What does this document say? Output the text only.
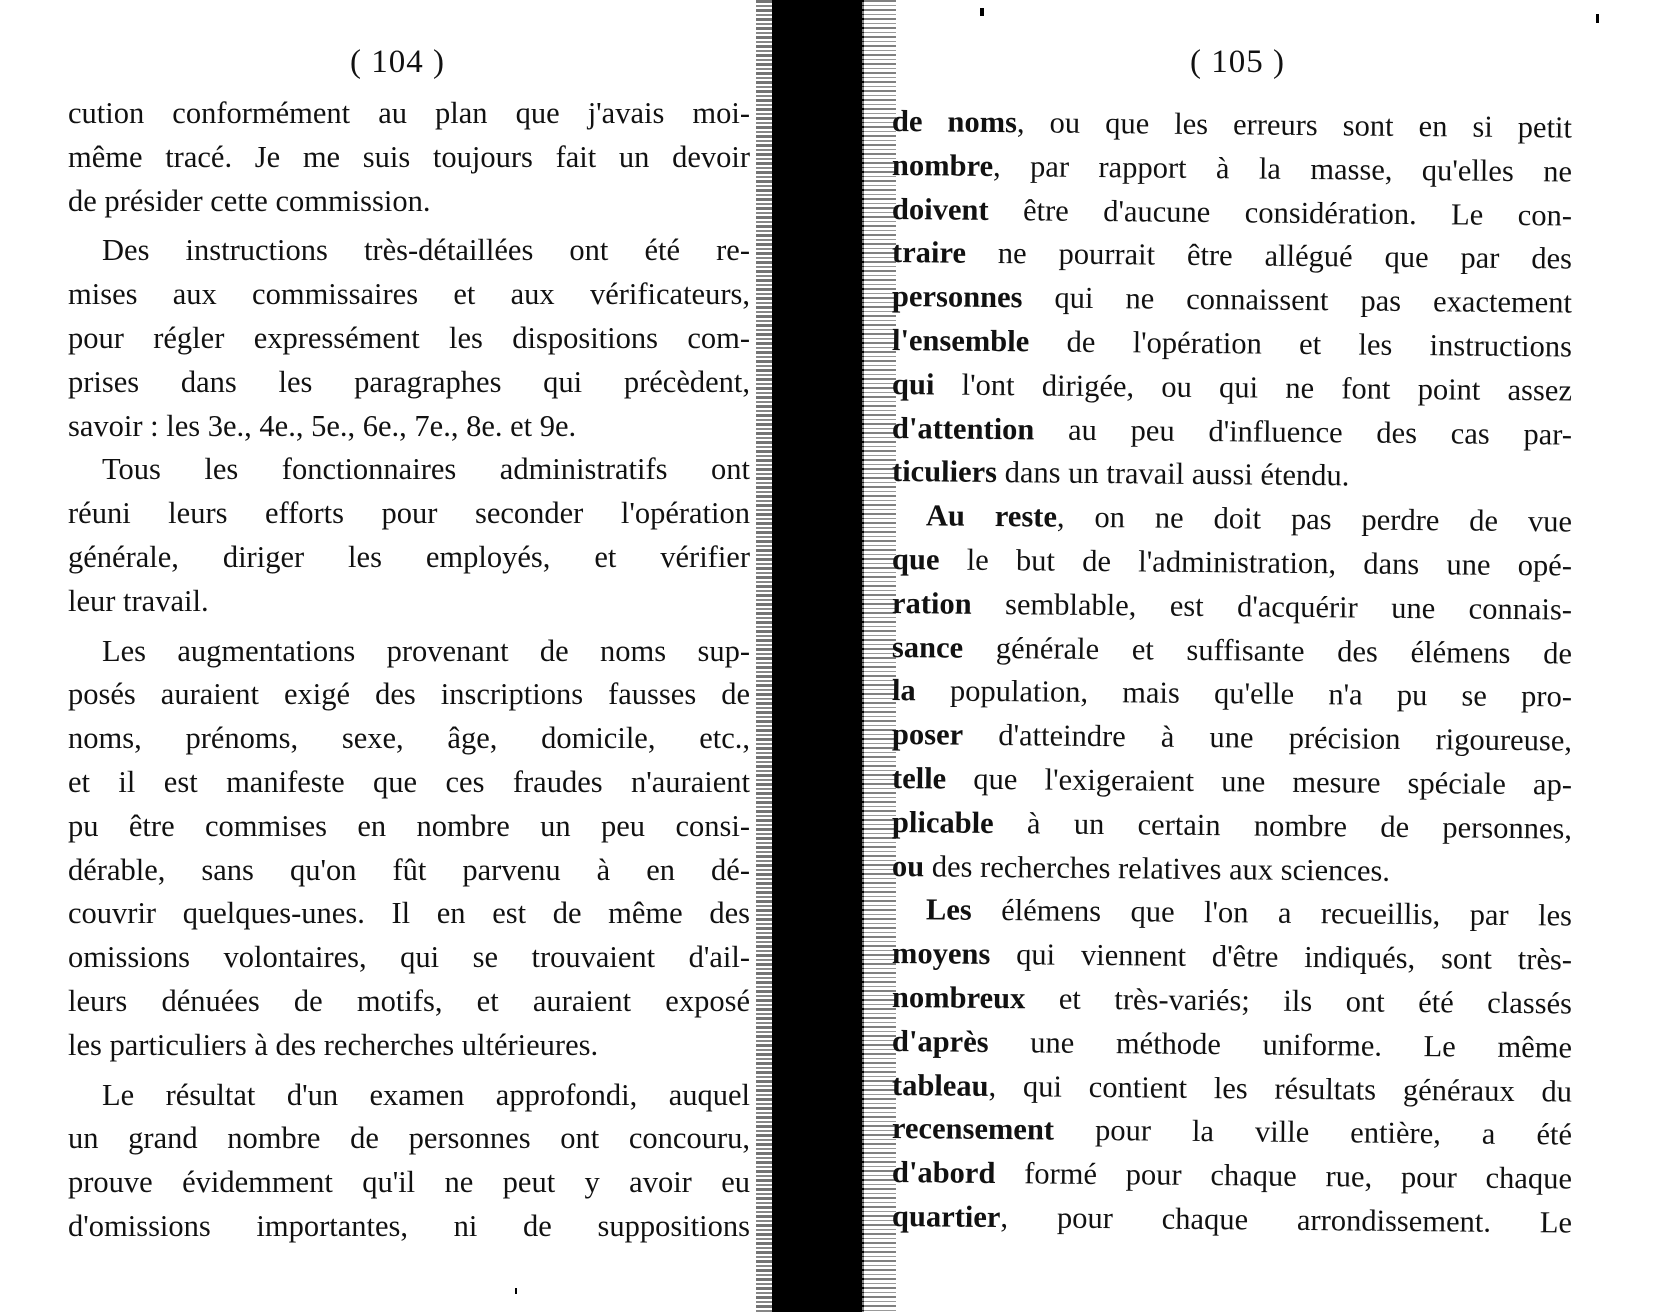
( 104 )
cution conformément au plan que j'avais moi-
même tracé. Je me suis toujours fait un devoir
de présider cette commission.
Des instructions très-détaillées ont été re-
mises aux commissaires et aux vérificateurs,
pour régler expressément les dispositions com-
prises dans les paragraphes qui précèdent,
savoir : les 3e., 4e., 5e., 6e., 7e., 8e. et 9e.
Tous les fonctionnaires administratifs ont
réuni leurs efforts pour seconder l'opération
générale, diriger les employés, et vérifier
leur travail.
Les augmentations provenant de noms sup-
posés auraient exigé des inscriptions fausses de
noms, prénoms, sexe, âge, domicile, etc.,
et il est manifeste que ces fraudes n'auraient
pu être commises en nombre un peu consi-
dérable, sans qu'on fût parvenu à en dé-
couvrir quelques-unes. Il en est de même des
omissions volontaires, qui se trouvaient d'ail-
leurs dénuées de motifs, et auraient exposé
les particuliers à des recherches ultérieures.
Le résultat d'un examen approfondi, auquel
un grand nombre de personnes ont concouru,
prouve évidemment qu'il ne peut y avoir eu
d'omissions importantes, ni de suppositions
( 105 )
de noms, ou que les erreurs sont en si petit
nombre, par rapport à la masse, qu'elles ne
doivent être d'aucune considération. Le con-
traire ne pourrait être allégué que par des
personnes qui ne connaissent pas exactement
l'ensemble de l'opération et les instructions
qui l'ont dirigée, ou qui ne font point assez
d'attention au peu d'influence des cas par-
ticuliers dans un travail aussi étendu.
Au reste, on ne doit pas perdre de vue
que le but de l'administration, dans une opé-
ration semblable, est d'acquérir une connais-
sance générale et suffisante des élémens de
la population, mais qu'elle n'a pu se pro-
poser d'atteindre à une précision rigoureuse,
telle que l'exigeraient une mesure spéciale ap-
plicable à un certain nombre de personnes,
ou des recherches relatives aux sciences.
Les élémens que l'on a recueillis, par les
moyens qui viennent d'être indiqués, sont très-
nombreux et très-variés; ils ont été classés
d'après une méthode uniforme. Le même
tableau, qui contient les résultats généraux du
recensement pour la ville entière, a été
d'abord formé pour chaque rue, pour chaque
quartier, pour chaque arrondissement. Le
